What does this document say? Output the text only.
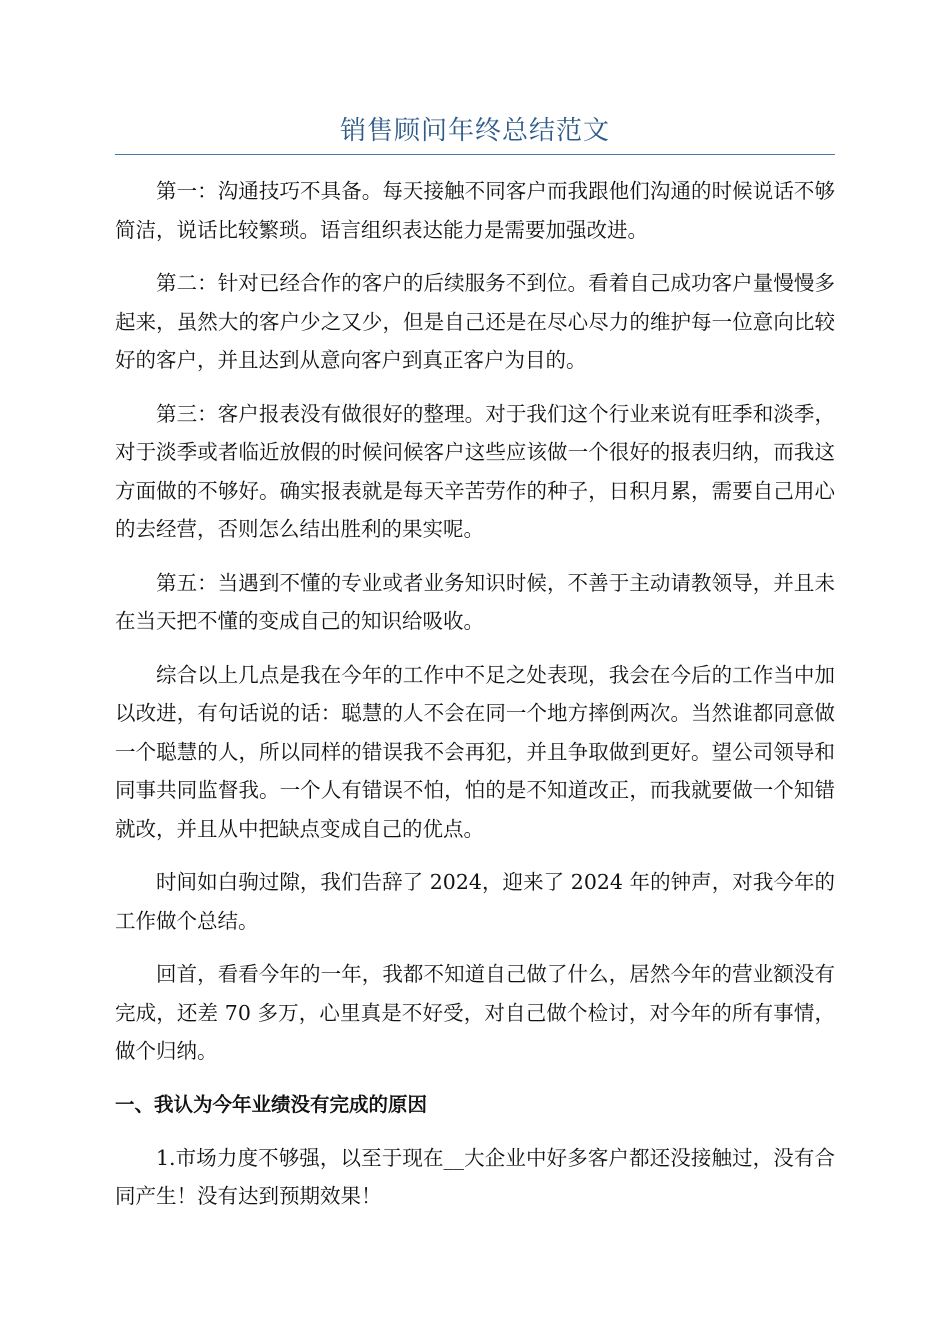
销售顾问年终总结范文

第一：沟通技巧不具备。每天接触不同客户而我跟他们沟通的时候说话不够简洁，说话比较繁琐。语言组织表达能力是需要加强改进。

第二：针对已经合作的客户的后续服务不到位。看着自己成功客户量慢慢多起来，虽然大的客户少之又少，但是自己还是在尽心尽力的维护每一位意向比较好的客户，并且达到从意向客户到真正客户为目的。

第三：客户报表没有做很好的整理。对于我们这个行业来说有旺季和淡季，对于淡季或者临近放假的时候问候客户这些应该做一个很好的报表归纳，而我这方面做的不够好。确实报表就是每天辛苦劳作的种子，日积月累，需要自己用心的去经营，否则怎么结出胜利的果实呢。

第五：当遇到不懂的专业或者业务知识时候，不善于主动请教领导，并且未在当天把不懂的变成自己的知识给吸收。

综合以上几点是我在今年的工作中不足之处表现，我会在今后的工作当中加以改进，有句话说的话：聪慧的人不会在同一个地方摔倒两次。当然谁都同意做一个聪慧的人，所以同样的错误我不会再犯，并且争取做到更好。望公司领导和同事共同监督我。一个人有错误不怕，怕的是不知道改正，而我就要做一个知错就改，并且从中把缺点变成自己的优点。

时间如白驹过隙，我们告辞了 2024，迎来了 2024 年的钟声，对我今年的工作做个总结。

回首，看看今年的一年，我都不知道自己做了什么，居然今年的营业额没有完成，还差 70 多万，心里真是不好受，对自己做个检讨，对今年的所有事情，做个归纳。

一、我认为今年业绩没有完成的原因

1.市场力度不够强，以至于现在__大企业中好多客户都还没接触过，没有合同产生！没有达到预期效果！
